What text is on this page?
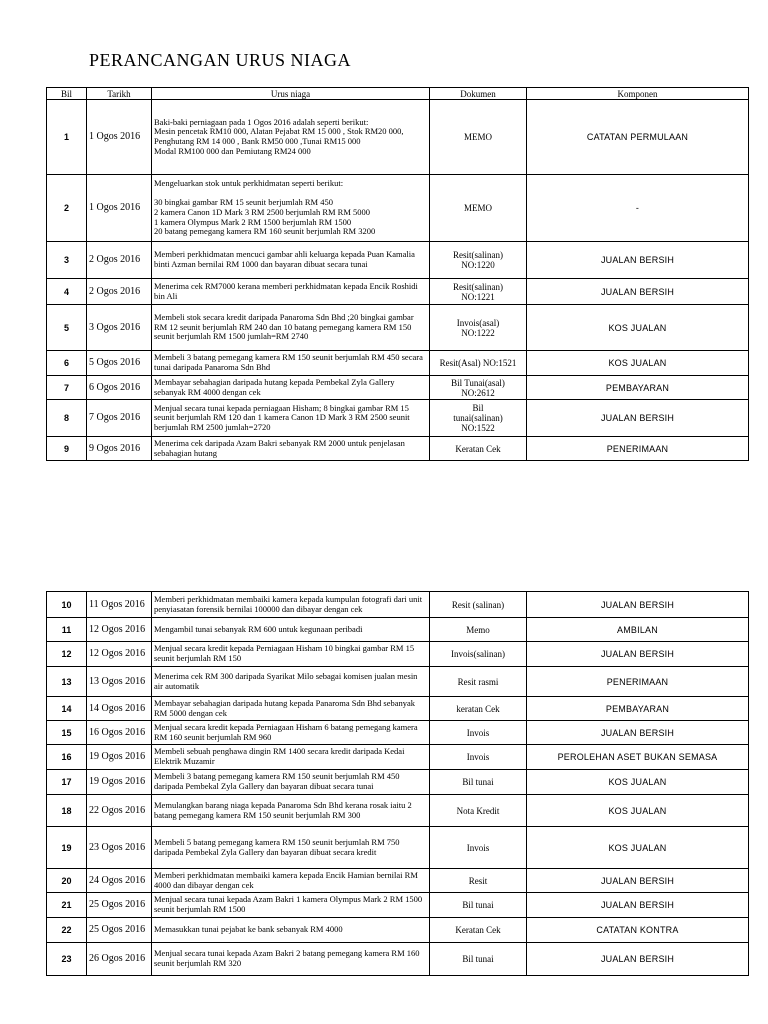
PERANCANGAN URUS NIAGA
Bil	Tarikh	Urus niaga	Dokumen	Komponen
1	1 Ogos 2016	Baki-baki perniagaan pada 1 Ogos 2016 adalah seperti berikut:
Mesin pencetak RM10 000, Alatan Pejabat RM 15 000 , Stok RM20 000, Penghutang RM 14 000 , Bank RM50 000 ,Tunai RM15 000
Modal RM100 000 dan Pemiutang RM24 000	MEMO	CATATAN PERMULAAN
2	1 Ogos 2016	Mengeluarkan stok untuk perkhidmatan seperti berikut:

30 bingkai gambar RM 15 seunit berjumlah RM 450
2 kamera Canon 1D Mark 3 RM 2500 berjumlah RM RM 5000
1 kamera Olympus Mark 2 RM 1500 berjumlah RM 1500
20 batang pemegang kamera RM 160 seunit berjumlah RM 3200	MEMO	-
3	2 Ogos 2016	Memberi perkhidmatan mencuci gambar ahli keluarga kepada Puan Kamalia binti Azman bernilai RM 1000 dan bayaran dibuat secara tunai	Resit(salinan)
NO:1220	JUALAN BERSIH
4	2 Ogos 2016	Menerima cek RM7000 kerana memberi perkhidmatan kepada Encik Roshidi bin Ali	Resit(salinan)
NO:1221	JUALAN BERSIH
5	3 Ogos 2016	Membeli stok secara kredit daripada Panaroma Sdn Bhd ;20 bingkai gambar RM 12 seunit berjumlah RM 240 dan 10 batang pemegang kamera RM 150 seunit berjumlah RM 1500 jumlah=RM 2740	Invois(asal)
NO:1222	KOS JUALAN
6	5 Ogos 2016	Membeli 3 batang pemegang kamera RM 150 seunit berjumlah RM 450 secara tunai daripada Panaroma Sdn Bhd	Resit(Asal) NO:1521	KOS JUALAN
7	6 Ogos 2016	Membayar sebahagian daripada hutang kepada Pembekal Zyla Gallery sebanyak RM 4000 dengan cek	Bil Tunai(asal)
NO:2612	PEMBAYARAN
8	7 Ogos 2016	Menjual secara tunai kepada perniagaan Hisham; 8 bingkai gambar RM 15 seunit berjumlah RM 120 dan 1 kamera Canon 1D Mark 3 RM 2500 seunit berjumlah RM 2500 jumlah=2720	Bil
tunai(salinan)
NO:1522	JUALAN BERSIH
9	9 Ogos 2016	Menerima cek daripada Azam Bakri sebanyak RM 2000 untuk penjelasan sebahagian hutang	Keratan Cek	PENERIMAAN
10	11 Ogos 2016	Memberi perkhidmatan membaiki kamera kepada kumpulan fotografi dari unit penyiasatan forensik bernilai 100000 dan dibayar dengan cek	Resit (salinan)	JUALAN BERSIH
11	12 Ogos 2016	Mengambil tunai sebanyak RM 600 untuk kegunaan peribadi	Memo	AMBILAN
12	12 Ogos 2016	Menjual secara kredit kepada Perniagaan Hisham 10 bingkai gambar RM 15 seunit berjumlah RM 150	Invois(salinan)	JUALAN BERSIH
13	13 Ogos 2016	Menerima cek RM 300 daripada Syarikat Milo sebagai komisen jualan mesin air automatik	Resit rasmi	PENERIMAAN
14	14 Ogos 2016	Membayar sebahagian daripada hutang kepada Panaroma Sdn Bhd sebanyak RM 5000 dengan cek	keratan Cek	PEMBAYARAN
15	16 Ogos 2016	Menjual secara kredit kepada Perniagaan Hisham 6 batang pemegang kamera RM 160 seunit berjumlah RM 960	Invois	JUALAN BERSIH
16	19 Ogos 2016	Membeli sebuah penghawa dingin RM 1400 secara kredit daripada Kedai Elektrik Muzamir	Invois	PEROLEHAN ASET BUKAN SEMASA
17	19 Ogos 2016	Membeli 3 batang pemegang kamera RM 150 seunit berjumlah RM 450 daripada Pembekal Zyla Gallery dan bayaran dibuat secara tunai	Bil tunai	KOS JUALAN
18	22 Ogos 2016	Memulangkan barang niaga kepada Panaroma Sdn Bhd kerana rosak iaitu 2 batang pemegang kamera RM 150 seunit berjumlah RM 300	Nota Kredit	KOS JUALAN
19	23 Ogos 2016	Membeli 5 batang pemegang kamera RM 150 seunit berjumlah RM 750 daripada Pembekal Zyla Gallery dan bayaran dibuat secara kredit	Invois	KOS JUALAN
20	24 Ogos 2016	Memberi perkhidmatan membaiki kamera kepada Encik Hamian bernilai RM 4000 dan dibayar dengan cek	Resit	JUALAN BERSIH
21	25 Ogos 2016	Menjual secara tunai kepada Azam Bakri 1 kamera Olympus Mark 2 RM 1500 seunit berjumlah RM 1500	Bil tunai	JUALAN BERSIH
22	25 Ogos 2016	Memasukkan tunai pejabat ke bank sebanyak RM 4000	Keratan Cek	CATATAN KONTRA
23	26 Ogos 2016	Menjual secara tunai kepada Azam Bakri 2 batang pemegang kamera RM 160 seunit berjumlah RM 320	Bil tunai	JUALAN BERSIH
